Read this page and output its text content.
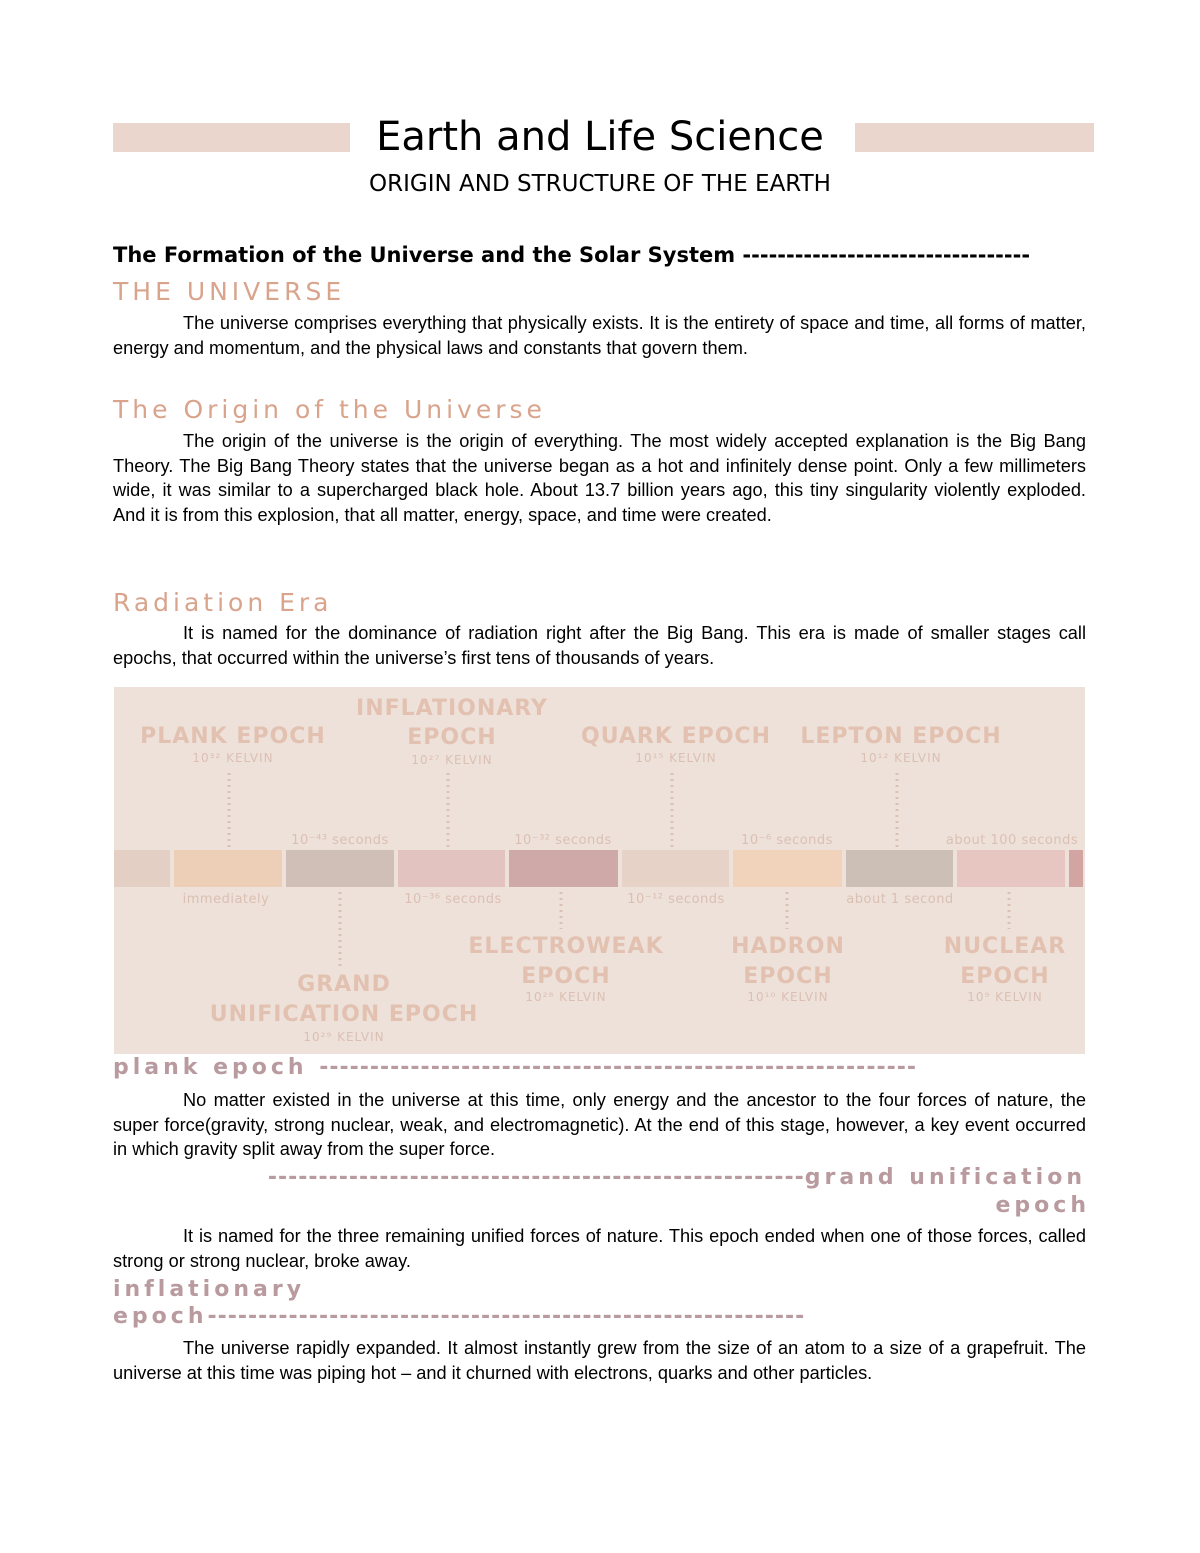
Earth and Life Science
ORIGIN AND STRUCTURE OF THE EARTH
The Formation of the Universe and the Solar System ---------------------------------
THE UNIVERSE
The universe comprises everything that physically exists. It is the entirety of space and time, all forms of matter, energy and momentum, and the physical laws and constants that govern them.
The Origin of the Universe
The origin of the universe is the origin of everything. The most widely accepted explanation is the Big Bang Theory. The Big Bang Theory states that the universe began as a hot and infinitely dense point. Only a few millimeters wide, it was similar to a supercharged black hole. About 13.7 billion years ago, this tiny singularity violently exploded. And it is from this explosion, that all matter, energy, space, and time were created.
Radiation Era
It is named for the dominance of radiation right after the Big Bang. This era is made of smaller stages call epochs, that occurred within the universe’s first tens of thousands of years.
PLANK EPOCH
10³² KELVIN
INFLATIONARY
EPOCH
10²⁷ KELVIN
QUARK EPOCH
10¹⁵ KELVIN
LEPTON EPOCH
10¹² KELVIN
10⁻⁴³ seconds	10⁻³² seconds	10⁻⁶ seconds	about 100 seconds
immediately	10⁻³⁶ seconds	10⁻¹² seconds	about 1 second
GRAND
UNIFICATION EPOCH
10²⁹ KELVIN
ELECTROWEAK
EPOCH
10²⁸ KELVIN
HADRON
EPOCH
10¹⁰ KELVIN
NUCLEAR
EPOCH
10⁹ KELVIN
plank epoch -----------------------------------------------------------
No matter existed in the universe at this time, only energy and the ancestor to the four forces of nature, the super force(gravity, strong nuclear, weak, and electromagnetic). At the end of this stage, however, a key event occurred in which gravity split away from the super force.
-----------------------------------------------------grand unification
epoch
It is named for the three remaining unified forces of nature. This epoch ended when one of those forces, called strong or strong nuclear, broke away.
inflationary
epoch-----------------------------------------------------------
The universe rapidly expanded. It almost instantly grew from the size of an atom to a size of a grapefruit. The universe at this time was piping hot – and it churned with electrons, quarks and other particles.
